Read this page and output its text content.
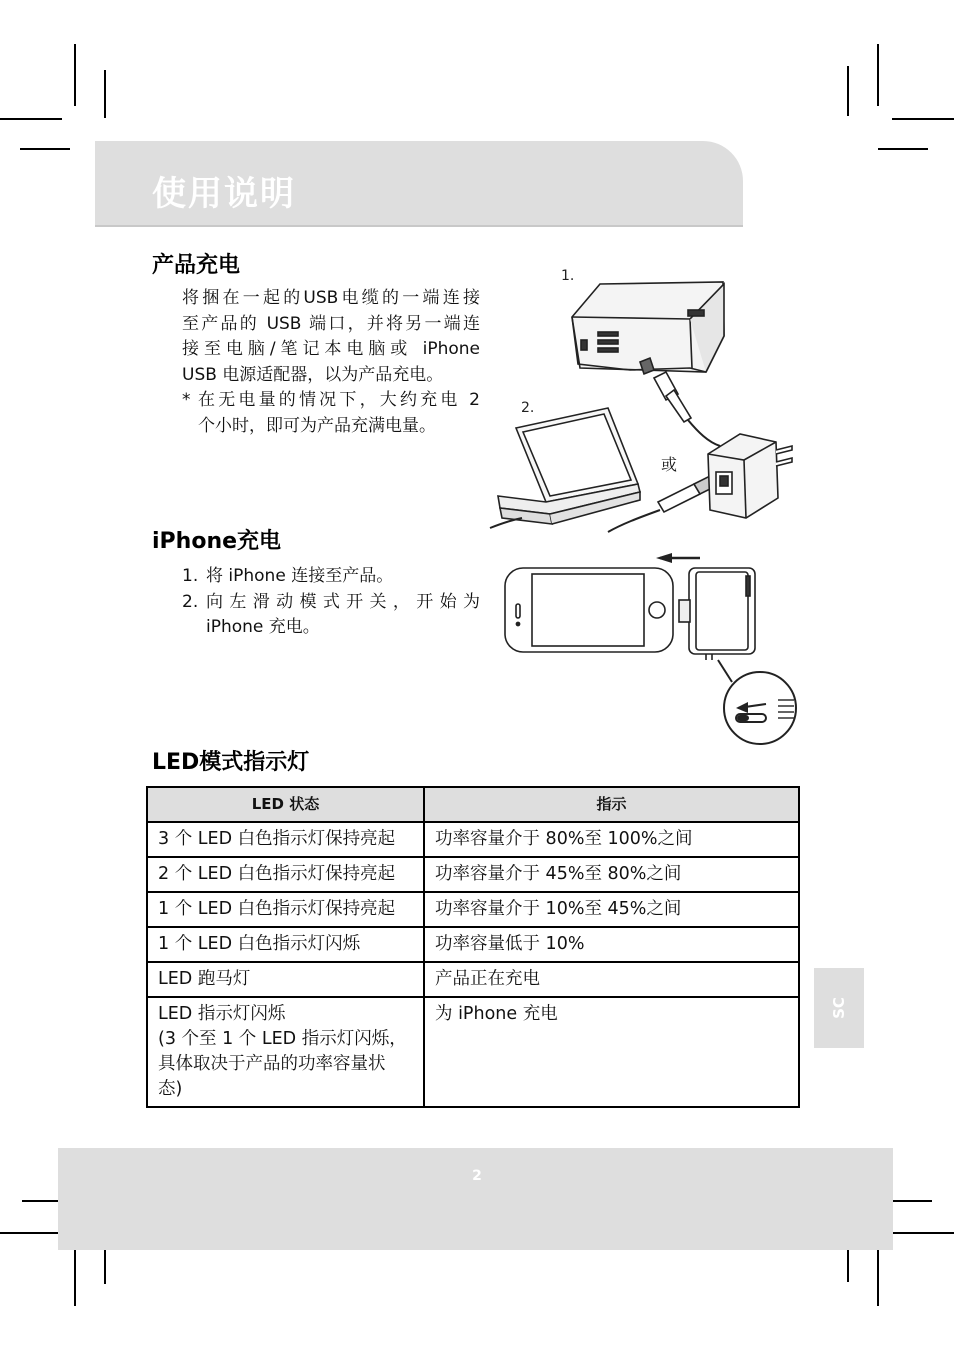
使用说明
产品充电
将捆在一起的USB电缆的一端连接
至产品的 USB 端口，并将另一端连
接至电脑/笔记本电脑或 iPhone
USB 电源适配器，以为产品充电。
* 在无电量的情况下，大约充电 2
个小时，即可为产品充满电量。
1.
2.
或
iPhone充电
1. 将 iPhone 连接至产品。
2. 向左滑动模式开关，开始为
iPhone 充电。
LED模式指示灯
LED 状态	指示
3 个 LED 白色指示灯保持亮起	功率容量介于 80%至 100%之间
2 个 LED 白色指示灯保持亮起	功率容量介于 45%至 80%之间
1 个 LED 白色指示灯保持亮起	功率容量介于 10%至 45%之间
1 个 LED 白色指示灯闪烁	功率容量低于 10%
LED 跑马灯	产品正在充电

LED 指示灯闪烁
(3 个至 1 个 LED 指示灯闪烁，
具体取决于产品的功率容量状
态)	为 iPhone 充电	SC
2
